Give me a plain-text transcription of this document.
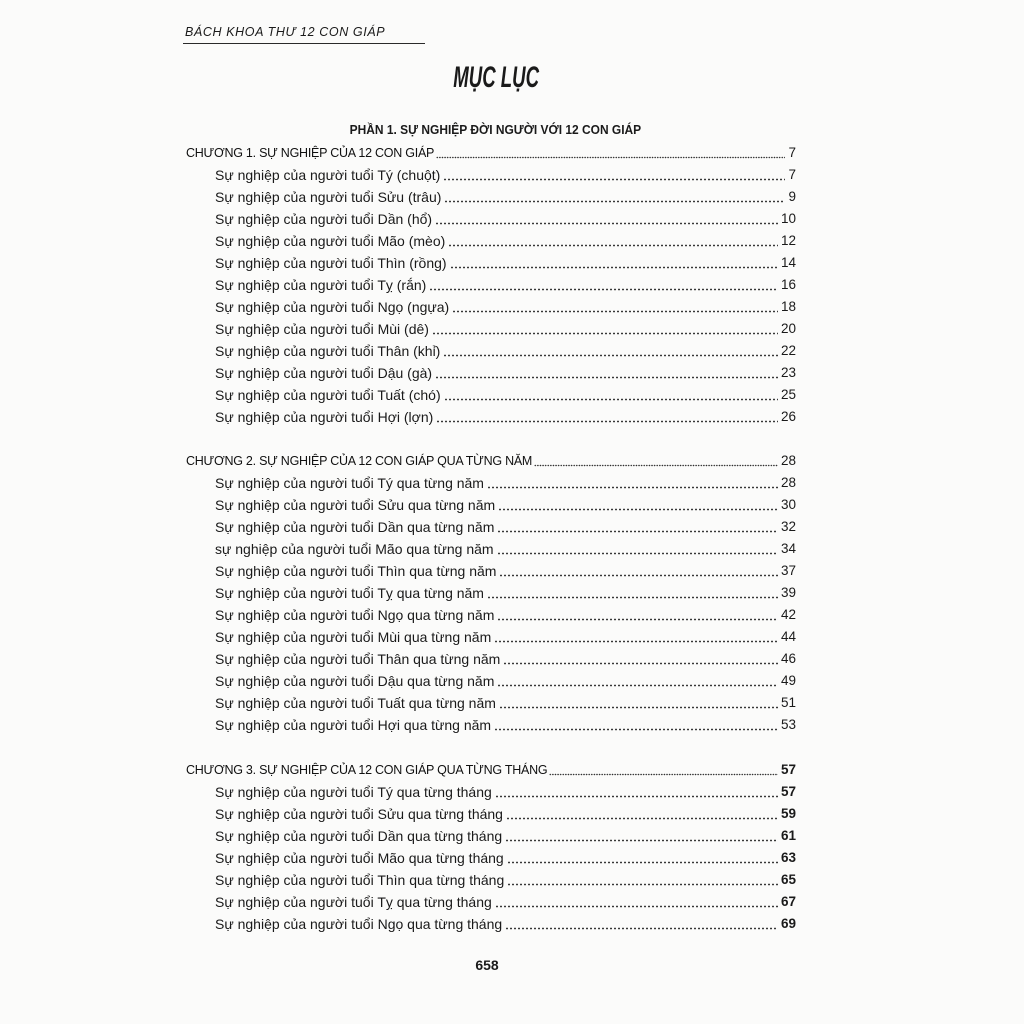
BÁCH KHOA THƯ 12 CON GIÁP
MỤC LỤC
PHẦN 1. SỰ NGHIỆP ĐỜI NGƯỜI VỚI 12 CON GIÁP
CHƯƠNG 1. SỰ NGHIỆP CỦA 12 CON GIÁP	7
Sự nghiệp của người tuổi Tý (chuột)	7
Sự nghiệp của người tuổi Sửu (trâu)	9
Sự nghiệp của người tuổi Dần (hổ)	10
Sự nghiệp của người tuổi Mão (mèo)	12
Sự nghiệp của người tuổi Thìn (rồng)	14
Sự nghiệp của người tuổi Tỵ (rắn)	16
Sự nghiệp của người tuổi Ngọ (ngựa)	18
Sự nghiệp của người tuổi Mùi (dê)	20
Sự nghiệp của người tuổi Thân (khỉ)	22
Sự nghiệp của người tuổi Dậu (gà)	23
Sự nghiệp của người tuổi Tuất (chó)	25
Sự nghiệp của người tuổi Hợi (lợn)	26
CHƯƠNG 2. SỰ NGHIỆP CỦA 12 CON GIÁP QUA TỪNG NĂM	28
Sự nghiệp của người tuổi Tý qua từng năm	28
Sự nghiệp của người tuổi Sửu qua từng năm	30
Sự nghiệp của người tuổi Dần qua từng năm	32
sự nghiệp của người tuổi Mão qua từng năm	34
Sự nghiệp của người tuổi Thìn qua từng năm	37
Sự nghiệp của người tuổi Tỵ qua từng năm	39
Sự nghiệp của người tuổi Ngọ qua từng năm	42
Sự nghiệp của người tuổi Mùi qua từng năm	44
Sự nghiệp của người tuổi Thân qua từng năm	46
Sự nghiệp của người tuổi Dậu qua từng năm	49
Sự nghiệp của người tuổi Tuất qua từng năm	51
Sự nghiệp của người tuổi Hợi qua từng năm	53
CHƯƠNG 3. SỰ NGHIỆP CỦA 12 CON GIÁP QUA TỪNG THÁNG	57
Sự nghiệp của người tuổi Tý qua từng tháng	57
Sự nghiệp của người tuổi Sửu qua từng tháng	59
Sự nghiệp của người tuổi Dần qua từng tháng	61
Sự nghiệp của người tuổi Mão qua từng tháng	63
Sự nghiệp của người tuổi Thìn qua từng tháng	65
Sự nghiệp của người tuổi Tỵ qua từng tháng	67
Sự nghiệp của người tuổi Ngọ qua từng tháng	69
658
